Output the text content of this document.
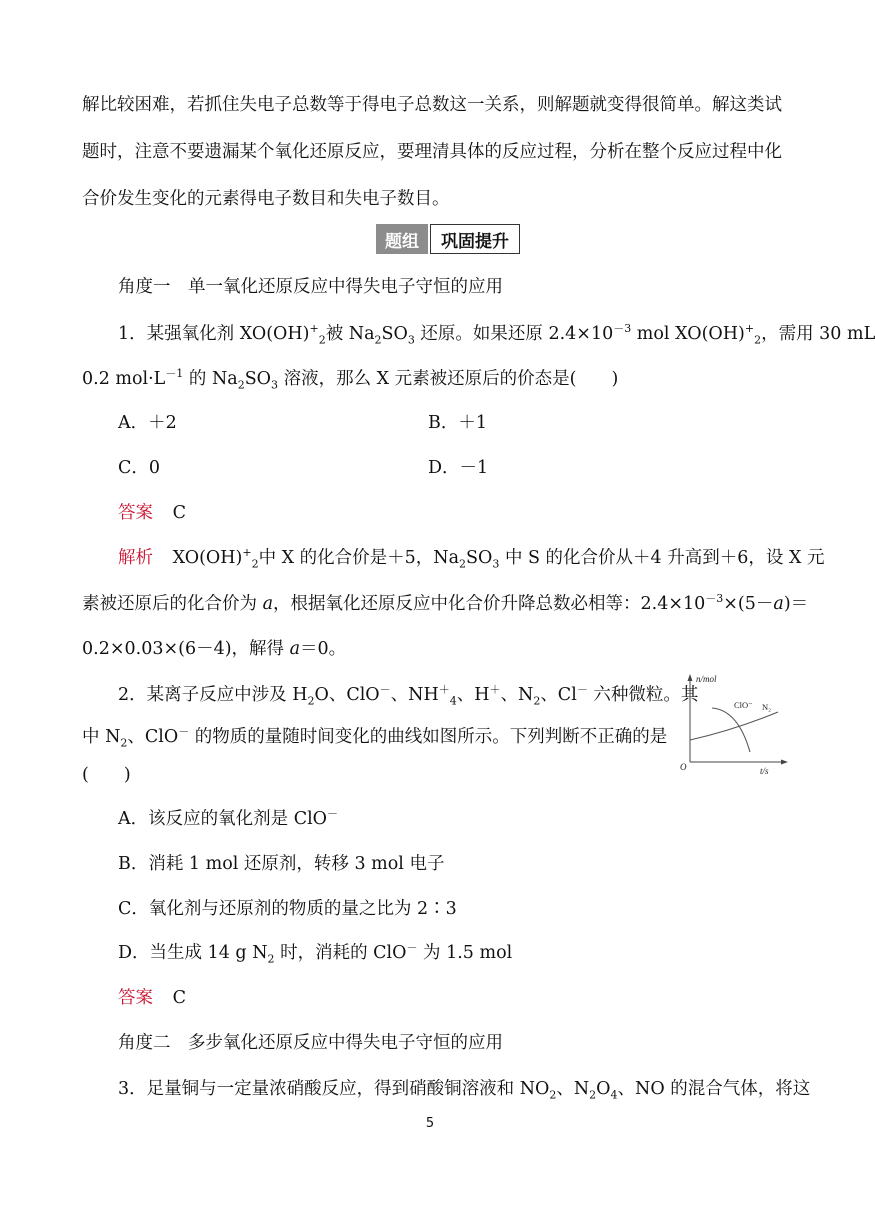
解比较困难，若抓住失电子总数等于得电子总数这一关系，则解题就变得很简单。解这类试
题时，注意不要遗漏某个氧化还原反应，要理清具体的反应过程，分析在整个反应过程中化
合价发生变化的元素得电子数目和失电子数目。
题组	巩固提升
角度一　单一氧化还原反应中得失电子守恒的应用
1．某强氧化剂 $XO(OH)^+_2$被 $Na_2SO_3$ 还原。如果还原 $2.4\times 10^{-3}$ mol $XO(OH)^+_2$，需用 30 mL
0.2 $mol\cdot L^{-1}$ 的 $Na_2SO_3$ 溶液，那么 X 元素被还原后的价态是(　　)
A．＋2	B．＋1
C．0	D．－1
答案 C
解析 $XO(OH)^+_2$中 X 的化合价是＋5，$Na_2SO_3$ 中 S 的化合价从＋4 升高到＋6，设 X 元
素被还原后的化合价为 a，根据氧化还原反应中化合价升降总数必相等：$2.4\times 10^{-3}\times(5-a)=$
0.2×0.03×(6－4)，解得 a＝0。
2．某离子反应中涉及 $H_2O$、ClO－、$NH^+_4$、H＋、$N_2$、Cl－ 六种微粒。其
中 $N_2$、ClO－ 的物质的量随时间变化的曲线如图所示。下列判断不正确的是
(　　)
n/mol
t/s
O
ClO⁻ N₂
A．该反应的氧化剂是 ClO－
B．消耗 1 mol 还原剂，转移 3 mol 电子
C．氧化剂与还原剂的物质的量之比为 2∶3
D．当生成 14 g $N_2$ 时，消耗的 ClO－ 为 1.5 mol
答案 C
角度二　多步氧化还原反应中得失电子守恒的应用
3．足量铜与一定量浓硝酸反应，得到硝酸铜溶液和 $NO_2$、$N_2O_4$、NO 的混合气体，将这
5
